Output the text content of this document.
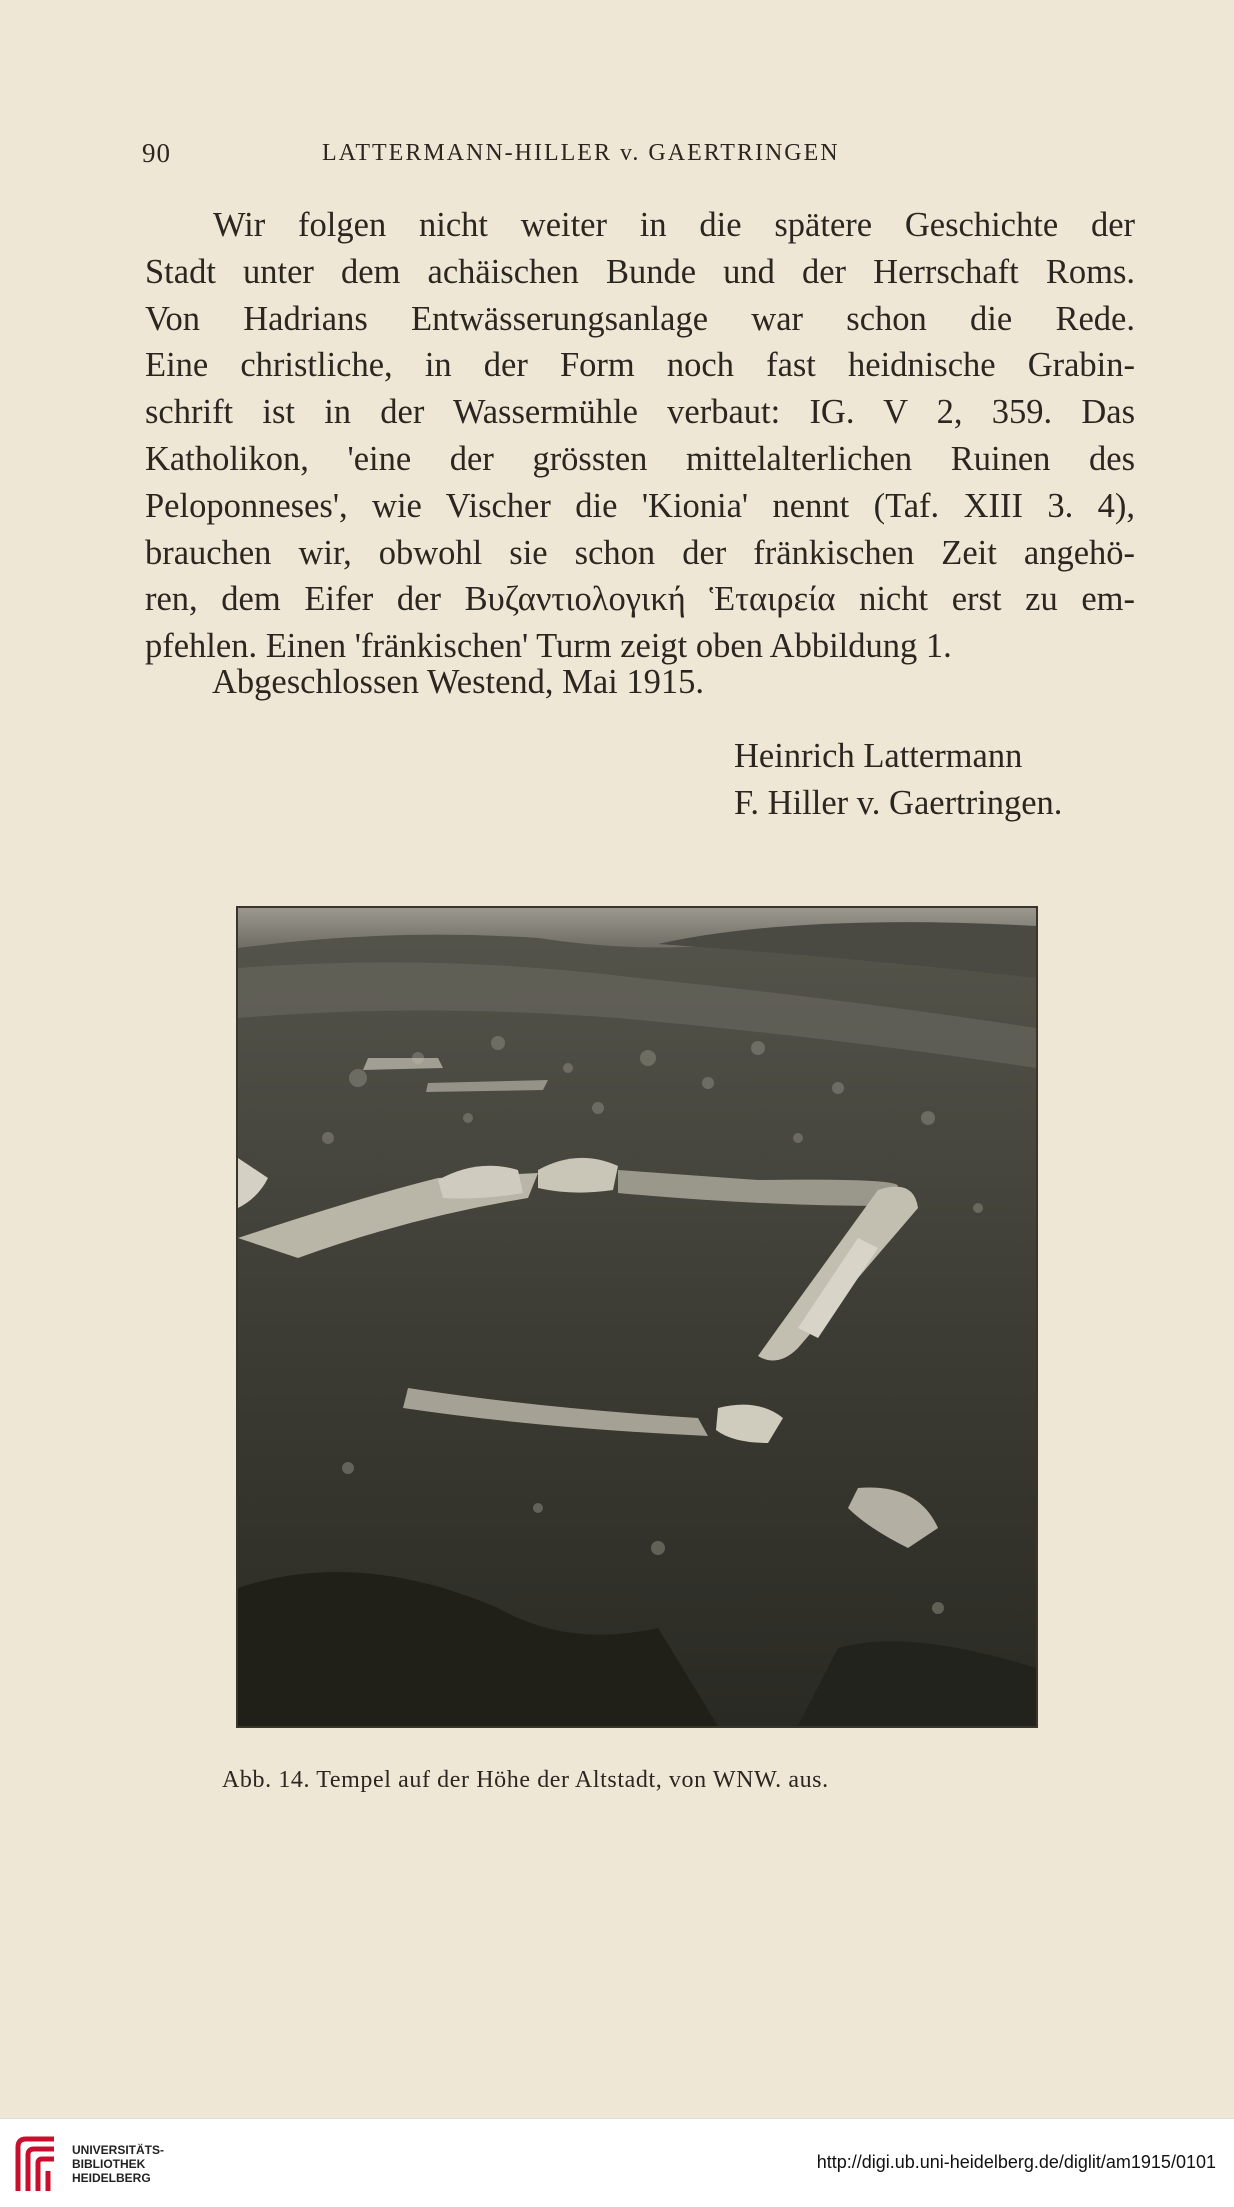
90	LATTERMANN-HILLER v. GAERTRINGEN
Wir folgen nicht weiter in die spätere Geschichte der
Stadt unter dem achäischen Bunde und der Herrschaft Roms.
Von Hadrians Entwässerungsanlage war schon die Rede.
Eine christliche, in der Form noch fast heidnische Grabin-
schrift ist in der Wassermühle verbaut: IG. V 2, 359. Das
Katholikon, 'eine der grössten mittelalterlichen Ruinen des
Peloponneses', wie Vischer die 'Kionia' nennt (Taf. XIII 3. 4),
brauchen wir, obwohl sie schon der fränkischen Zeit angehö-
ren, dem Eifer der Βυζαντιολογική Ἑταιρεία nicht erst zu em-
pfehlen. Einen 'fränkischen' Turm zeigt oben Abbildung 1.
Abgeschlossen Westend, Mai 1915.
Heinrich Lattermann
F. Hiller v. Gaertringen.
Abb. 14. Tempel auf der Höhe der Altstadt, von WNW. aus.
UNIVERSITÄTS-
BIBLIOTHEK
HEIDELBERG
http://digi.ub.uni-heidelberg.de/diglit/am1915/0101
